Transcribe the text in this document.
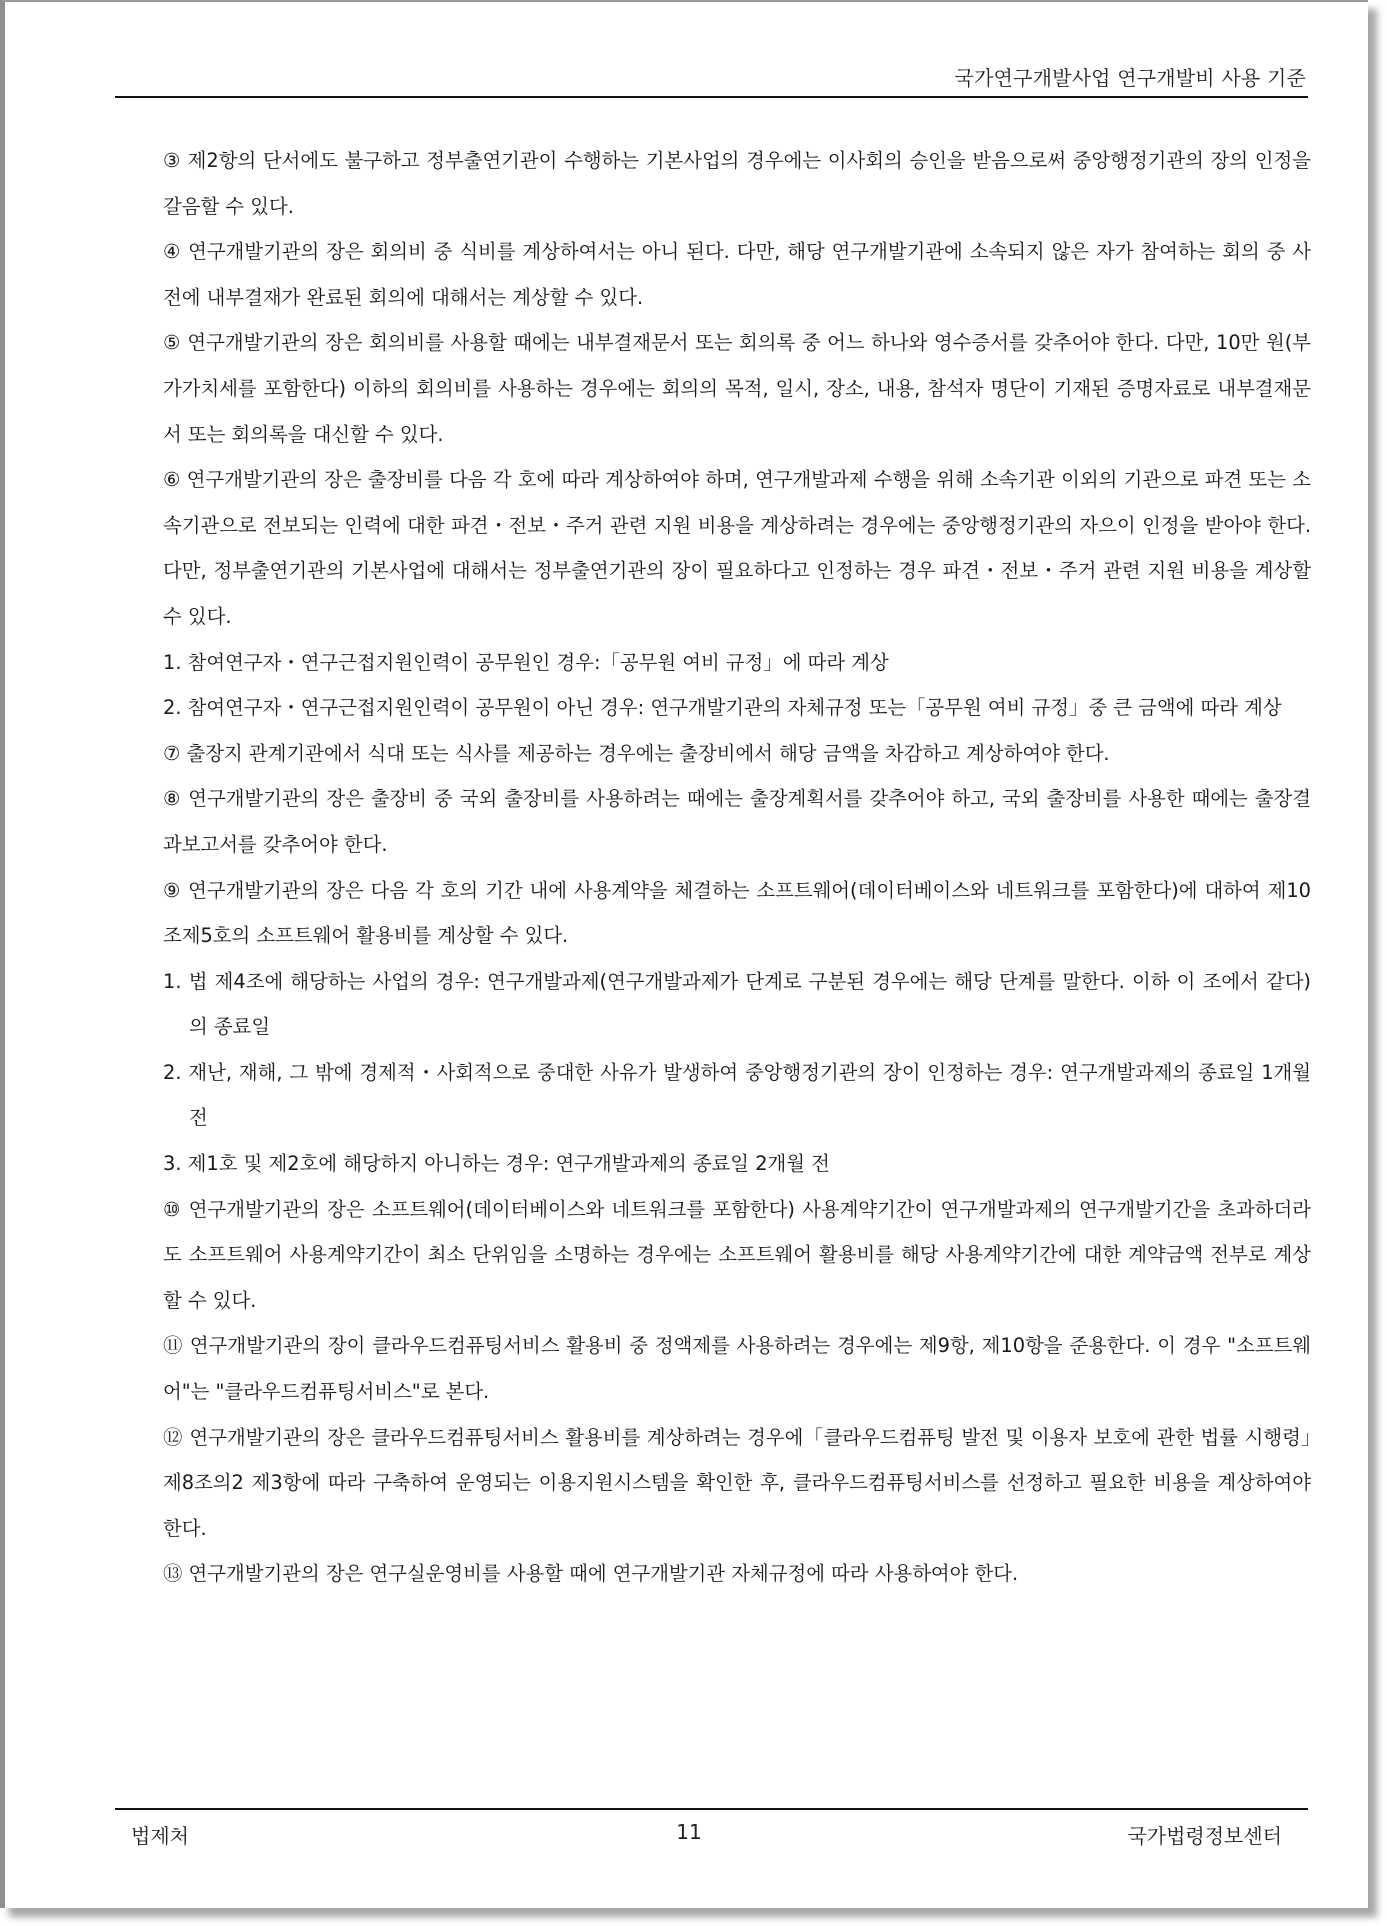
국가연구개발사업 연구개발비 사용 기준

③ 제2항의 단서에도 불구하고 정부출연기관이 수행하는 기본사업의 경우에는 이사회의 승인을 받음으로써 중앙행정기관의 장의 인정을 갈음할 수 있다.

④ 연구개발기관의 장은 회의비 중 식비를 계상하여서는 아니 된다. 다만, 해당 연구개발기관에 소속되지 않은 자가 참여하는 회의 중 사전에 내부결재가 완료된 회의에 대해서는 계상할 수 있다.

⑤ 연구개발기관의 장은 회의비를 사용할 때에는 내부결재문서 또는 회의록 중 어느 하나와 영수증서를 갖추어야 한다. 다만, 10만 원(부가가치세를 포함한다) 이하의 회의비를 사용하는 경우에는 회의의 목적, 일시, 장소, 내용, 참석자 명단이 기재된 증명자료로 내부결재문서 또는 회의록을 대신할 수 있다.

⑥ 연구개발기관의 장은 출장비를 다음 각 호에 따라 계상하여야 하며, 연구개발과제 수행을 위해 소속기관 이외의 기관으로 파견 또는 소속기관으로 전보되는 인력에 대한 파견・전보・주거 관련 지원 비용을 계상하려는 경우에는 중앙행정기관의 자으이 인정을 받아야 한다. 다만, 정부출연기관의 기본사업에 대해서는 정부출연기관의 장이 필요하다고 인정하는 경우 파견・전보・주거 관련 지원 비용을 계상할 수 있다.

1. 참여연구자・연구근접지원인력이 공무원인 경우:「공무원 여비 규정」에 따라 계상

2. 참여연구자・연구근접지원인력이 공무원이 아닌 경우: 연구개발기관의 자체규정 또는「공무원 여비 규정」중 큰 금액에 따라 계상

⑦ 출장지 관계기관에서 식대 또는 식사를 제공하는 경우에는 출장비에서 해당 금액을 차감하고 계상하여야 한다.

⑧ 연구개발기관의 장은 출장비 중 국외 출장비를 사용하려는 때에는 출장계획서를 갖추어야 하고, 국외 출장비를 사용한 때에는 출장결과보고서를 갖추어야 한다.

⑨ 연구개발기관의 장은 다음 각 호의 기간 내에 사용계약을 체결하는 소프트웨어(데이터베이스와 네트워크를 포함한다)에 대하여 제10조제5호의 소프트웨어 활용비를 계상할 수 있다.

1. 법 제4조에 해당하는 사업의 경우: 연구개발과제(연구개발과제가 단계로 구분된 경우에는 해당 단계를 말한다. 이하 이 조에서 같다)의 종료일

2. 재난, 재해, 그 밖에 경제적・사회적으로 중대한 사유가 발생하여 중앙행정기관의 장이 인정하는 경우: 연구개발과제의 종료일 1개월 전

3. 제1호 및 제2호에 해당하지 아니하는 경우: 연구개발과제의 종료일 2개월 전

⑩ 연구개발기관의 장은 소프트웨어(데이터베이스와 네트워크를 포함한다) 사용계약기간이 연구개발과제의 연구개발기간을 초과하더라도 소프트웨어 사용계약기간이 최소 단위임을 소명하는 경우에는 소프트웨어 활용비를 해당 사용계약기간에 대한 계약금액 전부로 계상할 수 있다.

⑪ 연구개발기관의 장이 클라우드컴퓨팅서비스 활용비 중 정액제를 사용하려는 경우에는 제9항, 제10항을 준용한다. 이 경우 "소프트웨어"는 "클라우드컴퓨팅서비스"로 본다.

⑫ 연구개발기관의 장은 클라우드컴퓨팅서비스 활용비를 계상하려는 경우에「클라우드컴퓨팅 발전 및 이용자 보호에 관한 법률 시행령」제8조의2 제3항에 따라 구축하여 운영되는 이용지원시스템을 확인한 후, 클라우드컴퓨팅서비스를 선정하고 필요한 비용을 계상하여야 한다.

⑬ 연구개발기관의 장은 연구실운영비를 사용할 때에 연구개발기관 자체규정에 따라 사용하여야 한다.

법제처	11	국가법령정보센터
